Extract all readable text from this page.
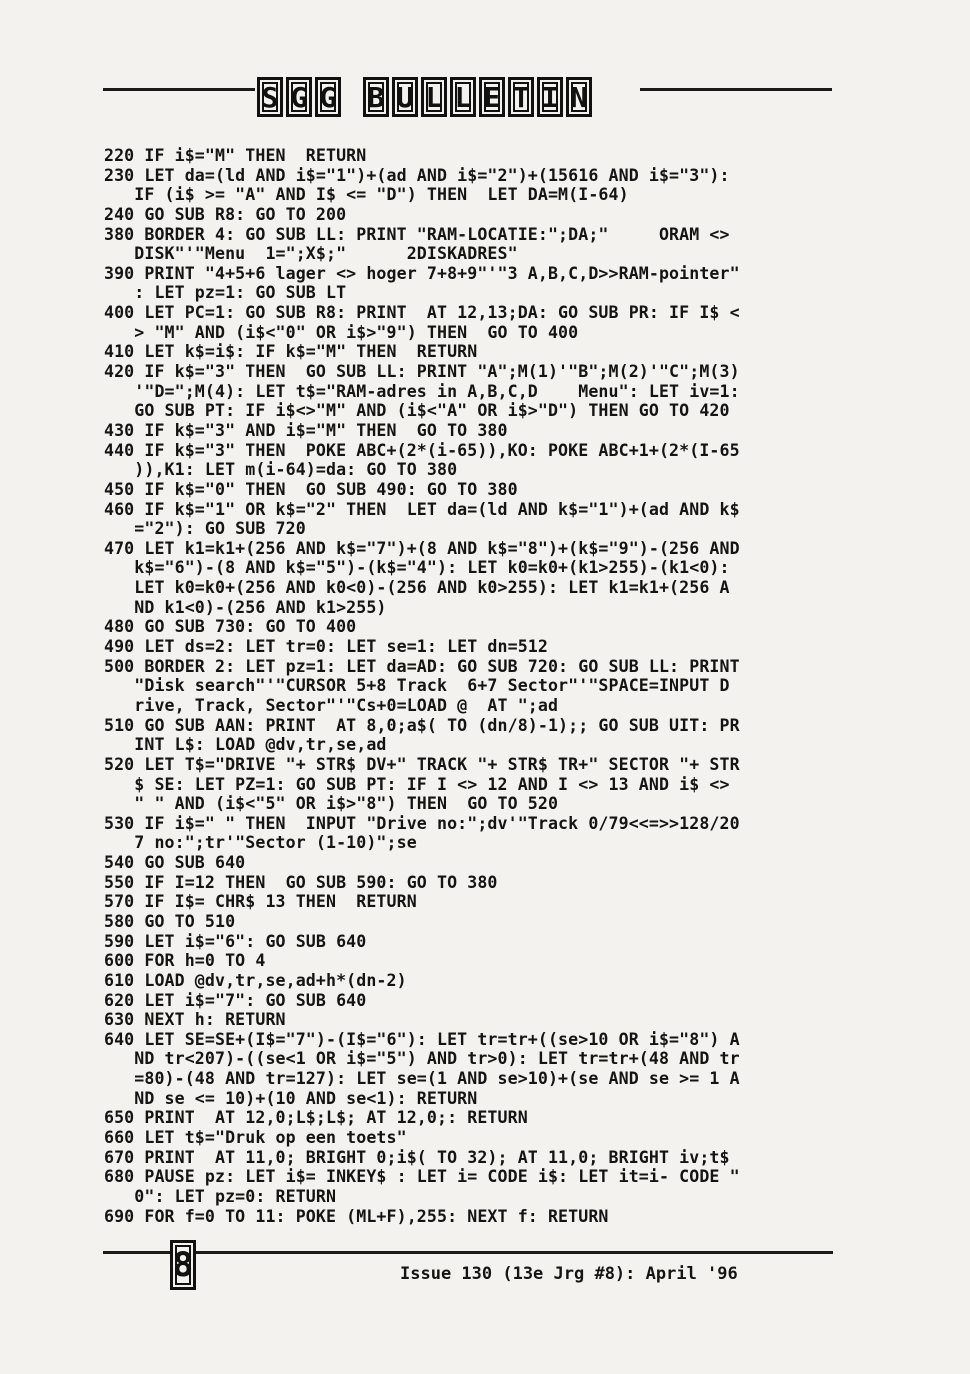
S G G B U L L E T I N
220 IF i$="M" THEN  RETURN
230 LET da=(ld AND i$="1")+(ad AND i$="2")+(15616 AND i$="3"):
IF (i$ >= "A" AND I$ <= "D") THEN  LET DA=M(I-64)
240 GO SUB R8: GO TO 200
380 BORDER 4: GO SUB LL: PRINT "RAM-LOCATIE:";DA;"     ORAM <>
DISK"'"Menu  1=";X$;"      2DISKADRES"
390 PRINT "4+5+6 lager <> hoger 7+8+9"'"3 A,B,C,D>>RAM-pointer"
: LET pz=1: GO SUB LT
400 LET PC=1: GO SUB R8: PRINT  AT 12,13;DA: GO SUB PR: IF I$ <
> "M" AND (i$<"0" OR i$>"9") THEN  GO TO 400
410 LET k$=i$: IF k$="M" THEN  RETURN
420 IF k$="3" THEN  GO SUB LL: PRINT "A";M(1)'"B";M(2)'"C";M(3)
'"D=";M(4): LET t$="RAM-adres in A,B,C,D    Menu": LET iv=1:
GO SUB PT: IF i$<>"M" AND (i$<"A" OR i$>"D") THEN GO TO 420
430 IF k$="3" AND i$="M" THEN  GO TO 380
440 IF k$="3" THEN  POKE ABC+(2*(i-65)),KO: POKE ABC+1+(2*(I-65
)),K1: LET m(i-64)=da: GO TO 380
450 IF k$="0" THEN  GO SUB 490: GO TO 380
460 IF k$="1" OR k$="2" THEN  LET da=(ld AND k$="1")+(ad AND k$
="2"): GO SUB 720
470 LET k1=k1+(256 AND k$="7")+(8 AND k$="8")+(k$="9")-(256 AND
k$="6")-(8 AND k$="5")-(k$="4"): LET k0=k0+(k1>255)-(k1<0):
LET k0=k0+(256 AND k0<0)-(256 AND k0>255): LET k1=k1+(256 A
ND k1<0)-(256 AND k1>255)
480 GO SUB 730: GO TO 400
490 LET ds=2: LET tr=0: LET se=1: LET dn=512
500 BORDER 2: LET pz=1: LET da=AD: GO SUB 720: GO SUB LL: PRINT
"Disk search"'"CURSOR 5+8 Track  6+7 Sector"'"SPACE=INPUT D
rive, Track, Sector"'"Cs+0=LOAD @  AT ";ad
510 GO SUB AAN: PRINT  AT 8,0;a$( TO (dn/8)-1);; GO SUB UIT: PR
INT L$: LOAD @dv,tr,se,ad
520 LET T$="DRIVE "+ STR$ DV+" TRACK "+ STR$ TR+" SECTOR "+ STR
$ SE: LET PZ=1: GO SUB PT: IF I <> 12 AND I <> 13 AND i$ <>
" " AND (i$<"5" OR i$>"8") THEN  GO TO 520
530 IF i$=" " THEN  INPUT "Drive no:";dv'"Track 0/79<<=>>128/20
7 no:";tr'"Sector (1-10)";se
540 GO SUB 640
550 IF I=12 THEN  GO SUB 590: GO TO 380
570 IF I$= CHR$ 13 THEN  RETURN
580 GO TO 510
590 LET i$="6": GO SUB 640
600 FOR h=0 TO 4
610 LOAD @dv,tr,se,ad+h*(dn-2)
620 LET i$="7": GO SUB 640
630 NEXT h: RETURN
640 LET SE=SE+(I$="7")-(I$="6"): LET tr=tr+((se>10 OR i$="8") A
ND tr<207)-((se<1 OR i$="5") AND tr>0): LET tr=tr+(48 AND tr
=80)-(48 AND tr=127): LET se=(1 AND se>10)+(se AND se >= 1 A
ND se <= 10)+(10 AND se<1): RETURN
650 PRINT  AT 12,0;L$;L$; AT 12,0;: RETURN
660 LET t$="Druk op een toets"
670 PRINT  AT 11,0; BRIGHT 0;i$( TO 32); AT 11,0; BRIGHT iv;t$
680 PAUSE pz: LET i$= INKEY$ : LET i= CODE i$: LET it=i- CODE "
0": LET pz=0: RETURN
690 FOR f=0 TO 11: POKE (ML+F),255: NEXT f: RETURN
8	Issue 130 (13e Jrg #8): April '96
